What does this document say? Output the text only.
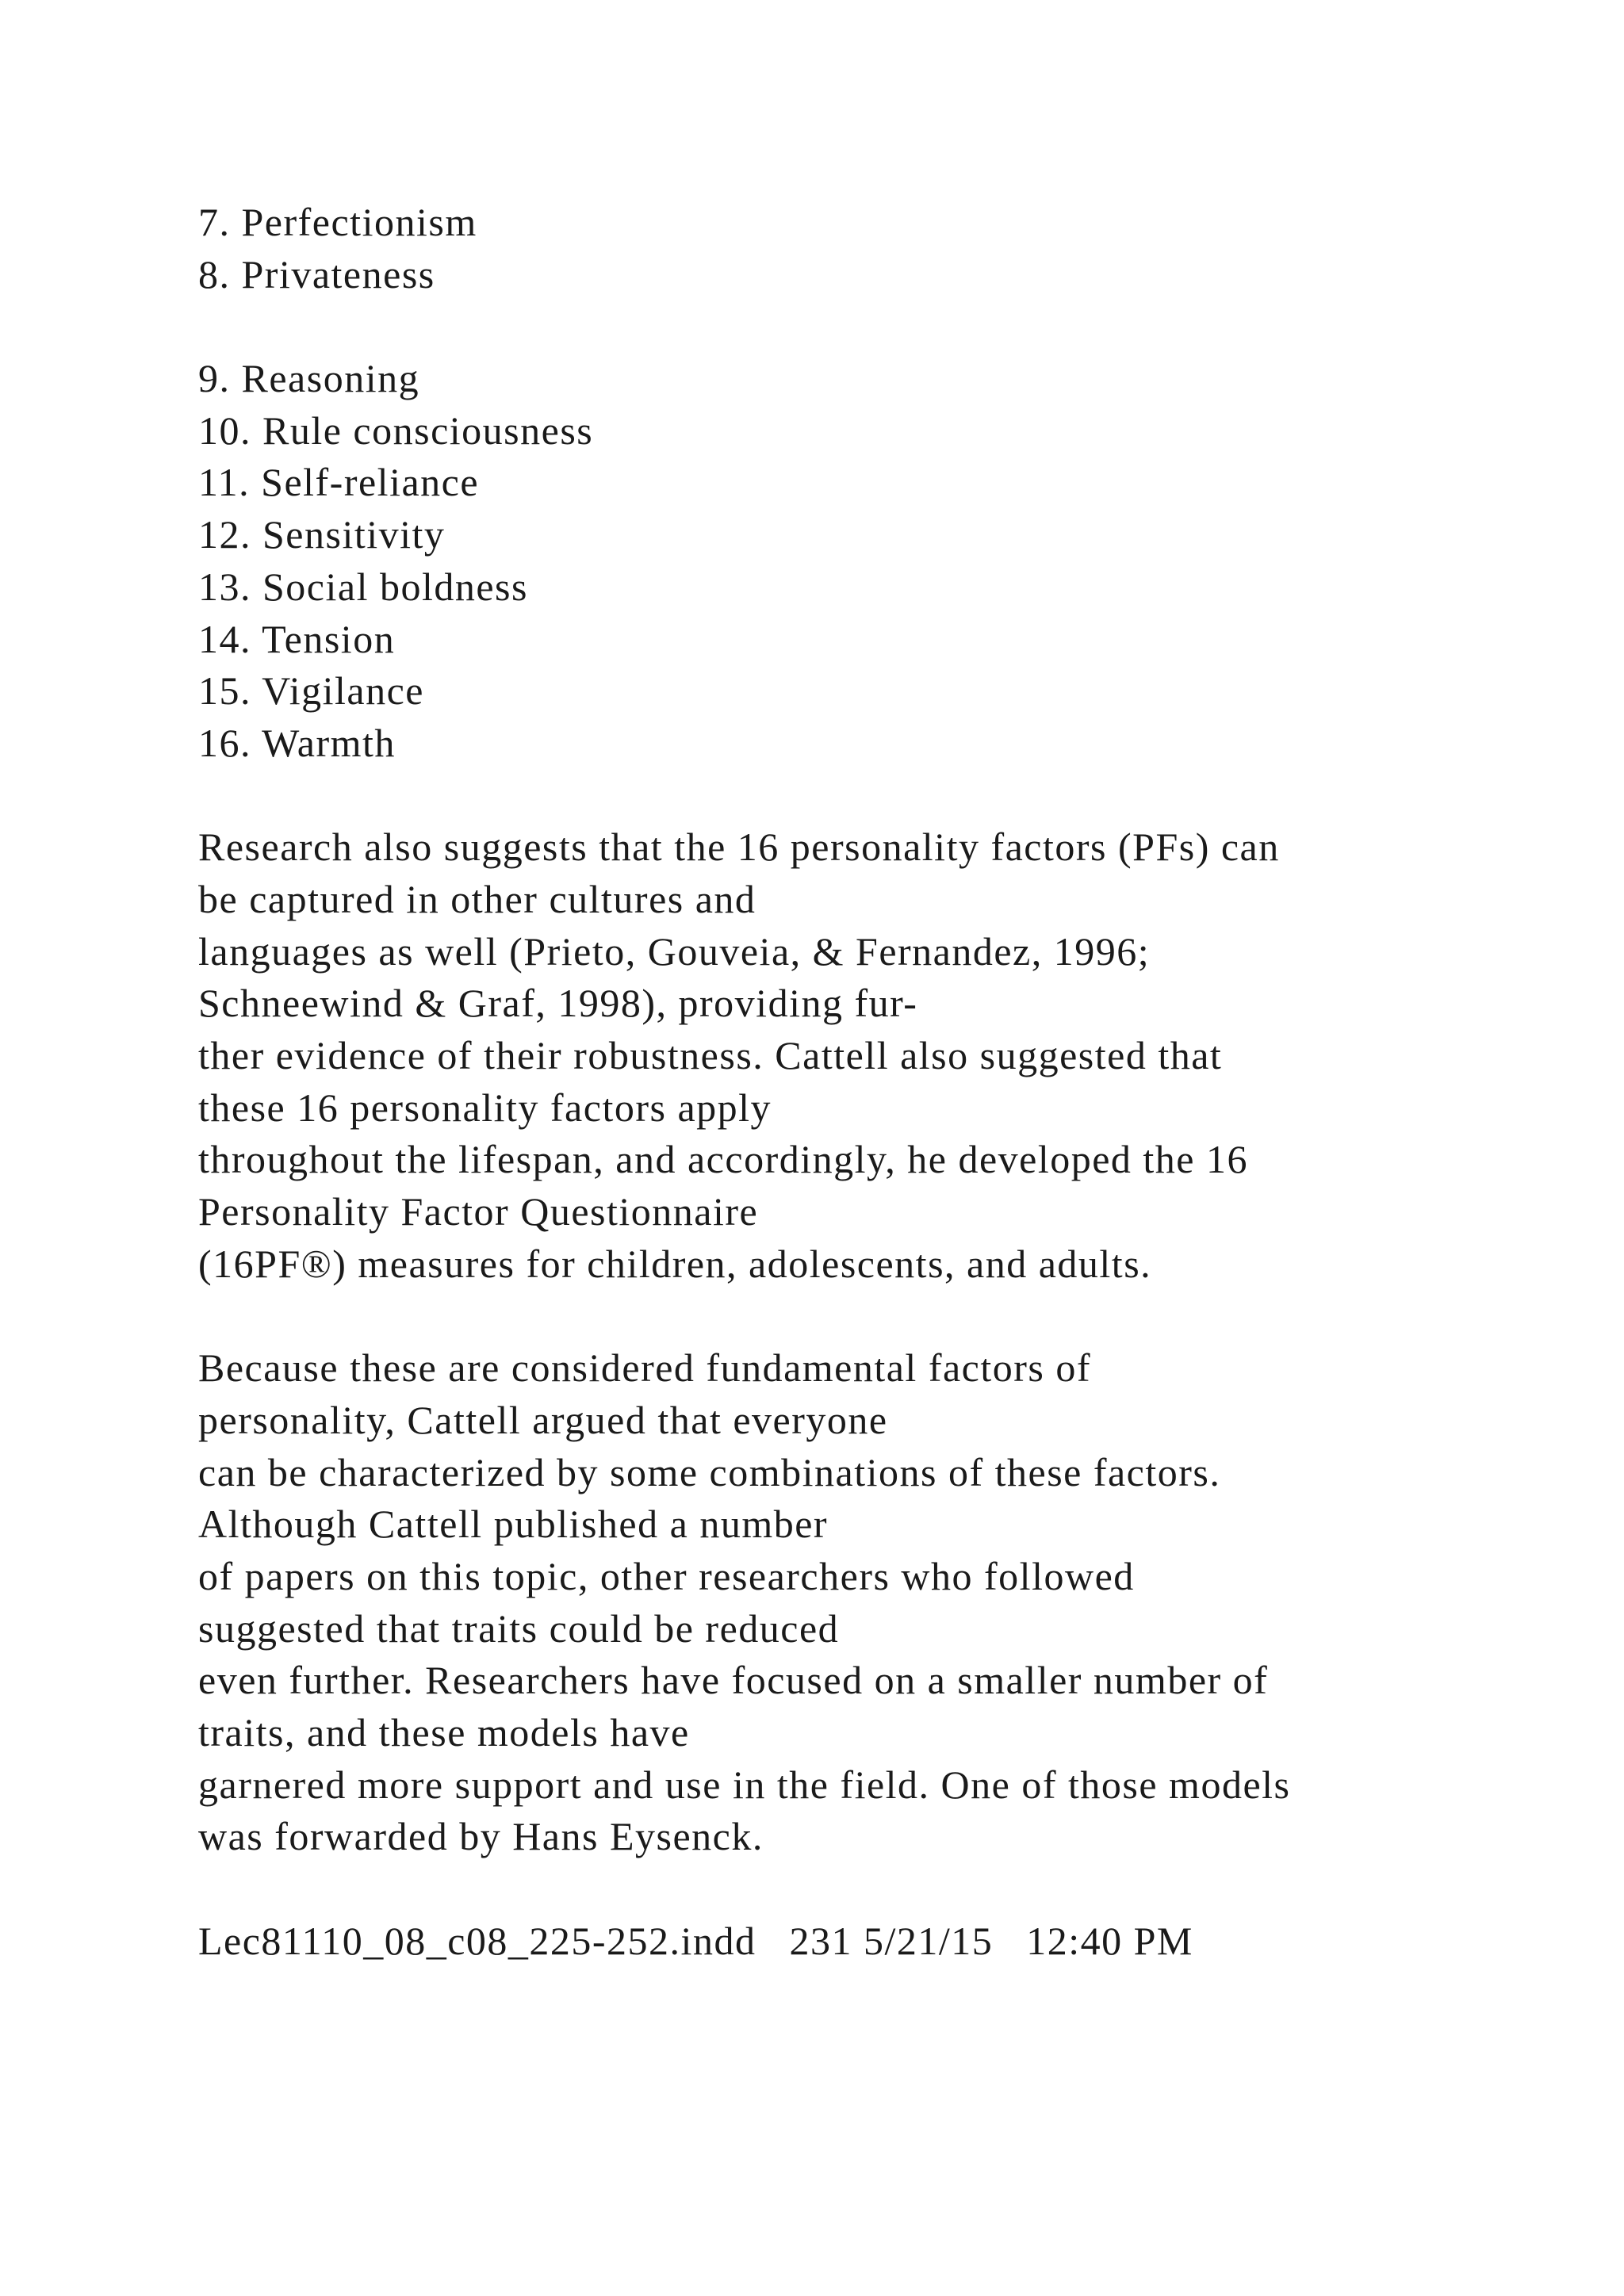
7. Perfectionism
8. Privateness
9. Reasoning
10. Rule consciousness
11. Self-reliance
12. Sensitivity
13. Social boldness
14. Tension
15. Vigilance
16. Warmth
Research also suggests that the 16 personality factors (PFs) can
be captured in other cultures and
languages as well (Prieto, Gouveia, & Fernandez, 1996;
Schneewind & Graf, 1998), providing fur-
ther evidence of their robustness. Cattell also suggested that
these 16 personality factors apply
throughout the lifespan, and accordingly, he developed the 16
Personality Factor Questionnaire
(16PF®) measures for children, adolescents, and adults.
Because these are considered fundamental factors of
personality, Cattell argued that everyone
can be characterized by some combinations of these factors.
Although Cattell published a number
of papers on this topic, other researchers who followed
suggested that traits could be reduced
even further. Researchers have focused on a smaller number of
traits, and these models have
garnered more support and use in the field. One of those models
was forwarded by Hans Eysenck.
Lec81110_08_c08_225-252.indd   231 5/21/15   12:40 PM
